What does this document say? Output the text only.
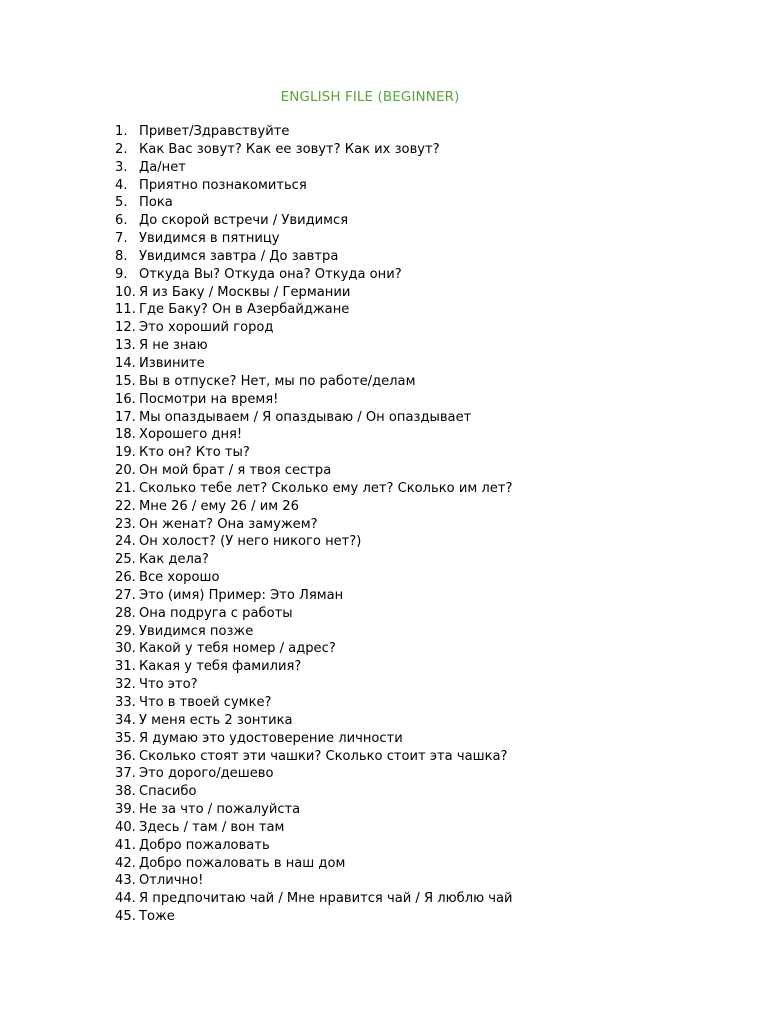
ENGLISH FILE (BEGINNER)
1. Привет/Здравствуйте
2. Как Вас зовут? Как ее зовут? Как их зовут?
3. Да/нет
4. Приятно познакомиться
5. Пока
6. До скорой встречи / Увидимся
7. Увидимся в пятницу
8. Увидимся завтра / До завтра
9. Откуда Вы? Откуда она? Откуда они?
10. Я из Баку / Москвы / Германии
11. Где Баку? Он в Азербайджане
12. Это хороший город
13. Я не знаю
14. Извините
15. Вы в отпуске? Нет, мы по работе/делам
16. Посмотри на время!
17. Мы опаздываем / Я опаздываю / Он опаздывает
18. Хорошего дня!
19. Кто он? Кто ты?
20. Он мой брат / я твоя сестра
21. Сколько тебе лет? Сколько ему лет? Сколько им лет?
22. Мне 26 / ему 26 / им 26
23. Он женат? Она замужем?
24. Он холост? (У него никого нет?)
25. Как дела?
26. Все хорошо
27. Это (имя) Пример: Это Ляман
28. Она подруга с работы
29. Увидимся позже
30. Какой у тебя номер / адрес?
31. Какая у тебя фамилия?
32. Что это?
33. Что в твоей сумке?
34. У меня есть 2 зонтика
35. Я думаю это удостоверение личности
36. Сколько стоят эти чашки? Сколько стоит эта чашка?
37. Это дорого/дешево
38. Спасибо
39. Не за что / пожалуйста
40. Здесь / там / вон там
41. Добро пожаловать
42. Добро пожаловать в наш дом
43. Отлично!
44. Я предпочитаю чай / Мне нравится чай / Я люблю чай
45. Тоже
